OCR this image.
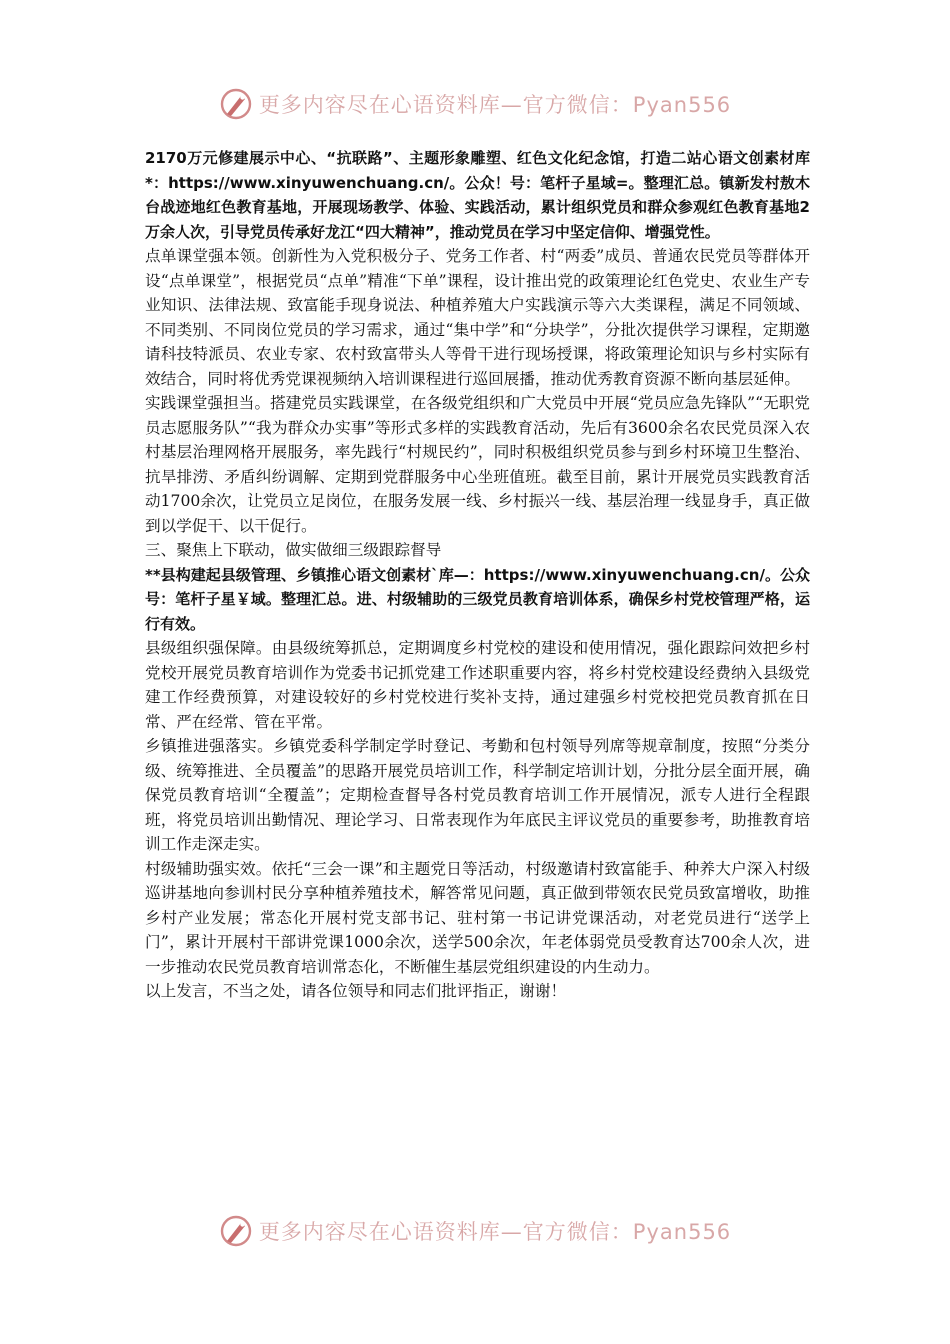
更多内容尽在心语资料库—官方微信：Pyan556

2170万元修建展示中心、“抗联路”、主题形象雕塑、红色文化纪念馆，打造二站心语文创素材库*：https://www.xinyuwenchuang.cn/。公众！号：笔杆子星域=。整理汇总。镇新发村敖木台战迹地红色教育基地，开展现场教学、体验、实践活动，累计组织党员和群众参观红色教育基地2万余人次，引导党员传承好龙江“四大精神”，推动党员在学习中坚定信仰、增强党性。

点单课堂强本领。创新性为入党积极分子、党务工作者、村“两委”成员、普通农民党员等群体开设“点单课堂”，根据党员“点单”精准“下单”课程，设计推出党的政策理论红色党史、农业生产专业知识、法律法规、致富能手现身说法、种植养殖大户实践演示等六大类课程，满足不同领域、不同类别、不同岗位党员的学习需求，通过“集中学”和“分块学”，分批次提供学习课程，定期邀请科技特派员、农业专家、农村致富带头人等骨干进行现场授课，将政策理论知识与乡村实际有效结合，同时将优秀党课视频纳入培训课程进行巡回展播，推动优秀教育资源不断向基层延伸。

实践课堂强担当。搭建党员实践课堂，在各级党组织和广大党员中开展“党员应急先锋队”“无职党员志愿服务队”“我为群众办实事”等形式多样的实践教育活动，先后有3600余名农民党员深入农村基层治理网格开展服务，率先践行“村规民约”，同时积极组织党员参与到乡村环境卫生整治、抗旱排涝、矛盾纠纷调解、定期到党群服务中心坐班值班。截至目前，累计开展党员实践教育活动1700余次，让党员立足岗位，在服务发展一线、乡村振兴一线、基层治理一线显身手，真正做到以学促干、以干促行。

三、聚焦上下联动，做实做细三级跟踪督导

**县构建起县级管理、乡镇推心语文创素材`库—：https://www.xinyuwenchuang.cn/。公众号：笔杆子星￥域。整理汇总。进、村级辅助的三级党员教育培训体系，确保乡村党校管理严格，运行有效。

县级组织强保障。由县级统筹抓总，定期调度乡村党校的建设和使用情况，强化跟踪问效把乡村党校开展党员教育培训作为党委书记抓党建工作述职重要内容，将乡村党校建设经费纳入县级党建工作经费预算，对建设较好的乡村党校进行奖补支持，通过建强乡村党校把党员教育抓在日常、严在经常、管在平常。

乡镇推进强落实。乡镇党委科学制定学时登记、考勤和包村领导列席等规章制度，按照“分类分级、统筹推进、全员覆盖”的思路开展党员培训工作，科学制定培训计划，分批分层全面开展，确保党员教育培训“全覆盖”；定期检查督导各村党员教育培训工作开展情况，派专人进行全程跟班，将党员培训出勤情况、理论学习、日常表现作为年底民主评议党员的重要参考，助推教育培训工作走深走实。

村级辅助强实效。依托“三会一课”和主题党日等活动，村级邀请村致富能手、种养大户深入村级巡讲基地向参训村民分享种植养殖技术，解答常见问题，真正做到带领农民党员致富增收，助推乡村产业发展；常态化开展村党支部书记、驻村第一书记讲党课活动，对老党员进行“送学上门”，累计开展村干部讲党课1000余次，送学500余次，年老体弱党员受教育达700余人次，进一步推动农民党员教育培训常态化，不断催生基层党组织建设的内生动力。

以上发言，不当之处，请各位领导和同志们批评指正，谢谢！

更多内容尽在心语资料库—官方微信：Pyan556
